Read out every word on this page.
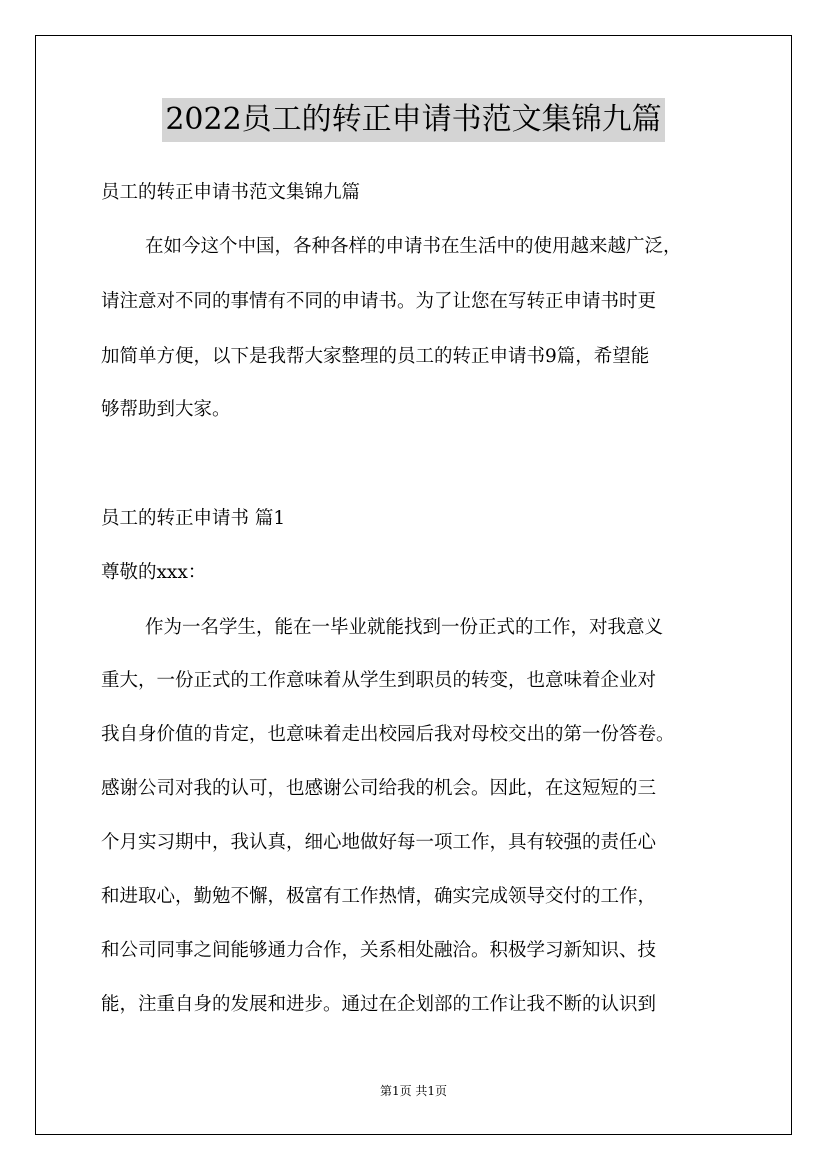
2022员工的转正申请书范文集锦九篇
员工的转正申请书范文集锦九篇
在如今这个中国，各种各样的申请书在生活中的使用越来越广泛，
请注意对不同的事情有不同的申请书。为了让您在写转正申请书时更
加简单方便，以下是我帮大家整理的员工的转正申请书9篇，希望能
够帮助到大家。
员工的转正申请书 篇1
尊敬的xxx：
作为一名学生，能在一毕业就能找到一份正式的工作，对我意义
重大，一份正式的工作意味着从学生到职员的转变，也意味着企业对
我自身价值的肯定，也意味着走出校园后我对母校交出的第一份答卷。
感谢公司对我的认可，也感谢公司给我的机会。因此，在这短短的三
个月实习期中，我认真，细心地做好每一项工作，具有较强的责任心
和进取心，勤勉不懈，极富有工作热情，确实完成领导交付的工作，
和公司同事之间能够通力合作，关系相处融洽。积极学习新知识、技
能，注重自身的发展和进步。通过在企划部的工作让我不断的认识到
第1页 共1页
